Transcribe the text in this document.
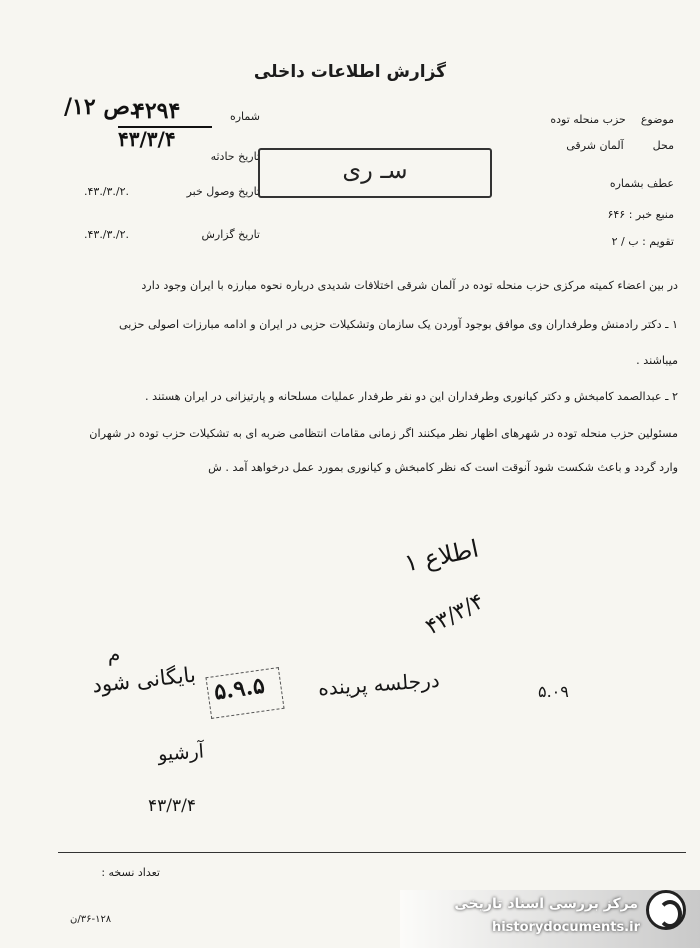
گزارش اطلاعات داخلی
موضوع  حزب منحله توده
محل  آلمان شرقی
عطف بشماره
منبع خبر : ۶۴۶
تقویم : ب / ۲
شماره
۴۲۹۴
/۱۲ دص
تاریخ حادثه
۴۳/۳/۴
تاریخ وصول خبر
.۴۳./۳./۲.
تاریخ گزارش
.۴۳./۳./۲.
سـ ری
در بین اعضاء کمیته مرکزی حزب منحله توده در آلمان شرقی اختلافات شدیدی درباره نحوه مبارزه با ایران وجود دارد
۱ ـ دکتر رادمنش وطرفداران وی موافق بوجود آوردن یک سازمان وتشکیلات حزبی در ایران و ادامه مبارزات اصولی حزبی
میباشند .
۲ ـ عبدالصمد کامبخش و دکتر کیانوری وطرفداران این دو نفر طرفدار عملیات مسلحانه و پارتیزانی در ایران هستند .
مسئولین حزب منحله توده در شهرهای اظهار نظر میکنند اگر زمانی مقامات انتظامی ضربه ای به تشکیلات حزب توده در شهران
وارد گردد و باعث شکست شود آنوقت است که نظر کامبخش و کیانوری بمورد عمل درخواهد آمد . ش
اطلاع ۱
۴۳/۳/۴
درجلسه پرینده
۵.۹.۵
بایگانی شود	۵.۰۹
آرشیو
۴۳/۳/۴
م
تعداد نسخه :
۳۶-۱۲۸/ن
مرکز بررسی اسناد تاریخی
historydocuments.ir
